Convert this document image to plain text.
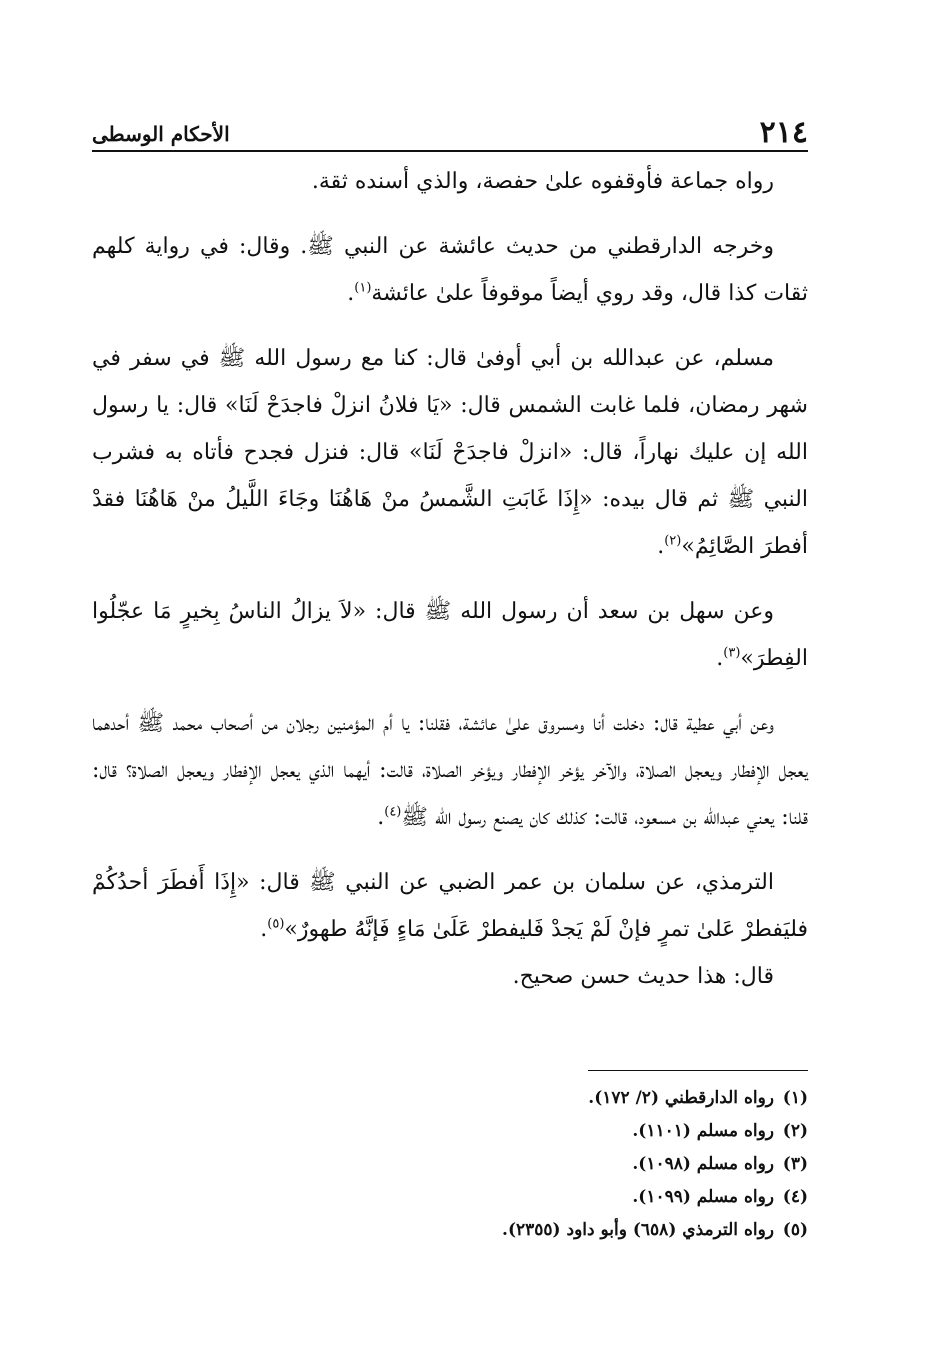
٢١٤
الأحكام الوسطى

رواه جماعة فأوقفوه علىٰ حفصة، والذي أسنده ثقة.

وخرجه الدارقطني من حديث عائشة عن النبي ﷺ. وقال: في رواية كلهم ثقات كذا قال، وقد روي أيضاً موقوفاً علىٰ عائشة$^{(١)}$.

مسلم، عن عبدالله بن أبي أوفىٰ قال: كنا مع رسول الله ﷺ في سفر في شهر رمضان، فلما غابت الشمس قال: «يَا فلانُ انزلْ فاجدَحْ لَنَا» قال: يا رسول الله إن عليك نهاراً، قال: «انزلْ فاجدَحْ لَنَا» قال: فنزل فجدح فأتاه به فشرب النبي ﷺ ثم قال بيده: «إِذَا غَابَتِ الشَّمسُ منْ هَاهُنَا وجَاءَ اللَّيلُ منْ هَاهُنَا فقدْ أفطرَ الصَّائِمُ»$^{(٢)}$.

وعن سهل بن سعد أن رسول الله ﷺ قال: «لاَ يزالُ الناسُ بِخيرٍ مَا عجّلُوا الفِطرَ»$^{(٣)}$.

وعن أبي عطية قال: دخلت أنا ومسروق علىٰ عائشة، فقلنا: يا أم المؤمنين رجلان من أصحاب محمد ﷺ أحدهما يعجل الإفطار ويعجل الصلاة، والآخر يؤخر الإفطار ويؤخر الصلاة، قالت: أيهما الذي يعجل الإفطار ويعجل الصلاة؟ قال: قلنا: يعني عبدالله بن مسعود، قالت: كذلك كان يصنع رسول الله ﷺ$^{(٤)}$.

الترمذي، عن سلمان بن عمر الضبي عن النبي ﷺ قال: «إِذَا أَفطَرَ أحدُكُمْ فليَفطرْ عَلىٰ تمرٍ فإنْ لَمْ يَجدْ فَليفطرْ عَلَىٰ مَاءٍ فَإنَّهُ طهورٌ»$^{(٥)}$.

قال: هذا حديث حسن صحيح.

(١)رواه الدارقطني (٢/ ١٧٢).
(٢)رواه مسلم (١١٠١).
(٣)رواه مسلم (١٠٩٨).
(٤)رواه مسلم (١٠٩٩).
(٥)رواه الترمذي (٦٥٨) وأبو داود (٢٣٥٥).
